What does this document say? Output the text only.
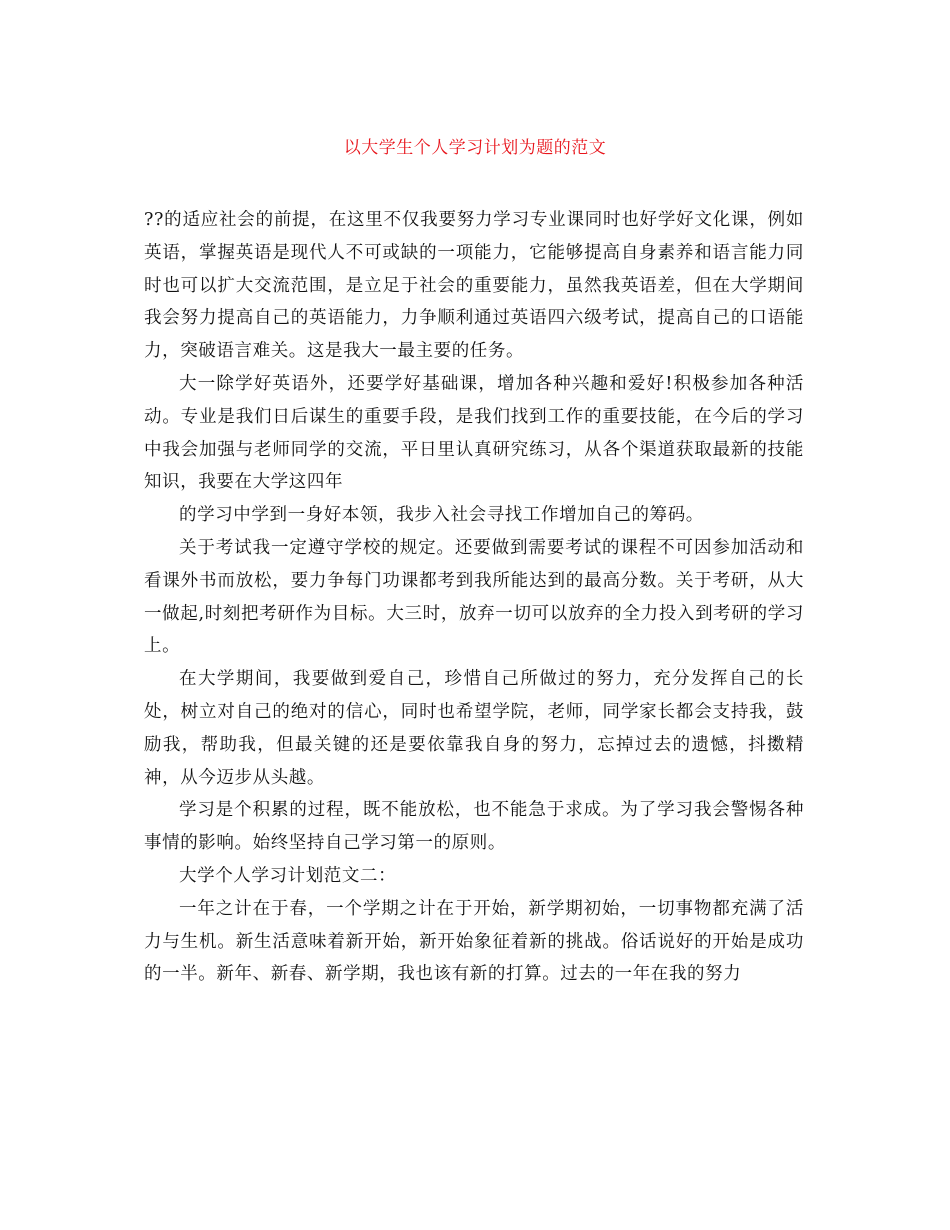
以大学生个人学习计划为题的范文

??的适应社会的前提，在这里不仅我要努力学习专业课同时也好学好文化课，例如英语，掌握英语是现代人不可或缺的一项能力，它能够提高自身素养和语言能力同时也可以扩大交流范围，是立足于社会的重要能力，虽然我英语差，但在大学期间我会努力提高自己的英语能力，力争顺利通过英语四六级考试，提高自己的口语能力，突破语言难关。这是我大一最主要的任务。

大一除学好英语外，还要学好基础课，增加各种兴趣和爱好!积极参加各种活动。专业是我们日后谋生的重要手段，是我们找到工作的重要技能，在今后的学习中我会加强与老师同学的交流，平日里认真研究练习，从各个渠道获取最新的技能知识，我要在大学这四年

的学习中学到一身好本领，我步入社会寻找工作增加自己的筹码。

关于考试我一定遵守学校的规定。还要做到需要考试的课程不可因参加活动和看课外书而放松，要力争每门功课都考到我所能达到的最高分数。关于考研，从大一做起,时刻把考研作为目标。大三时，放弃一切可以放弃的全力投入到考研的学习上。

在大学期间，我要做到爱自己，珍惜自己所做过的努力，充分发挥自己的长处，树立对自己的绝对的信心，同时也希望学院，老师，同学家长都会支持我，鼓励我，帮助我，但最关键的还是要依靠我自身的努力，忘掉过去的遗憾，抖擞精神，从今迈步从头越。

学习是个积累的过程，既不能放松，也不能急于求成。为了学习我会警惕各种事情的影响。始终坚持自己学习第一的原则。

大学个人学习计划范文二：

一年之计在于春，一个学期之计在于开始，新学期初始，一切事物都充满了活力与生机。新生活意味着新开始，新开始象征着新的挑战。俗话说好的开始是成功的一半。新年、新春、新学期，我也该有新的打算。过去的一年在我的努力
